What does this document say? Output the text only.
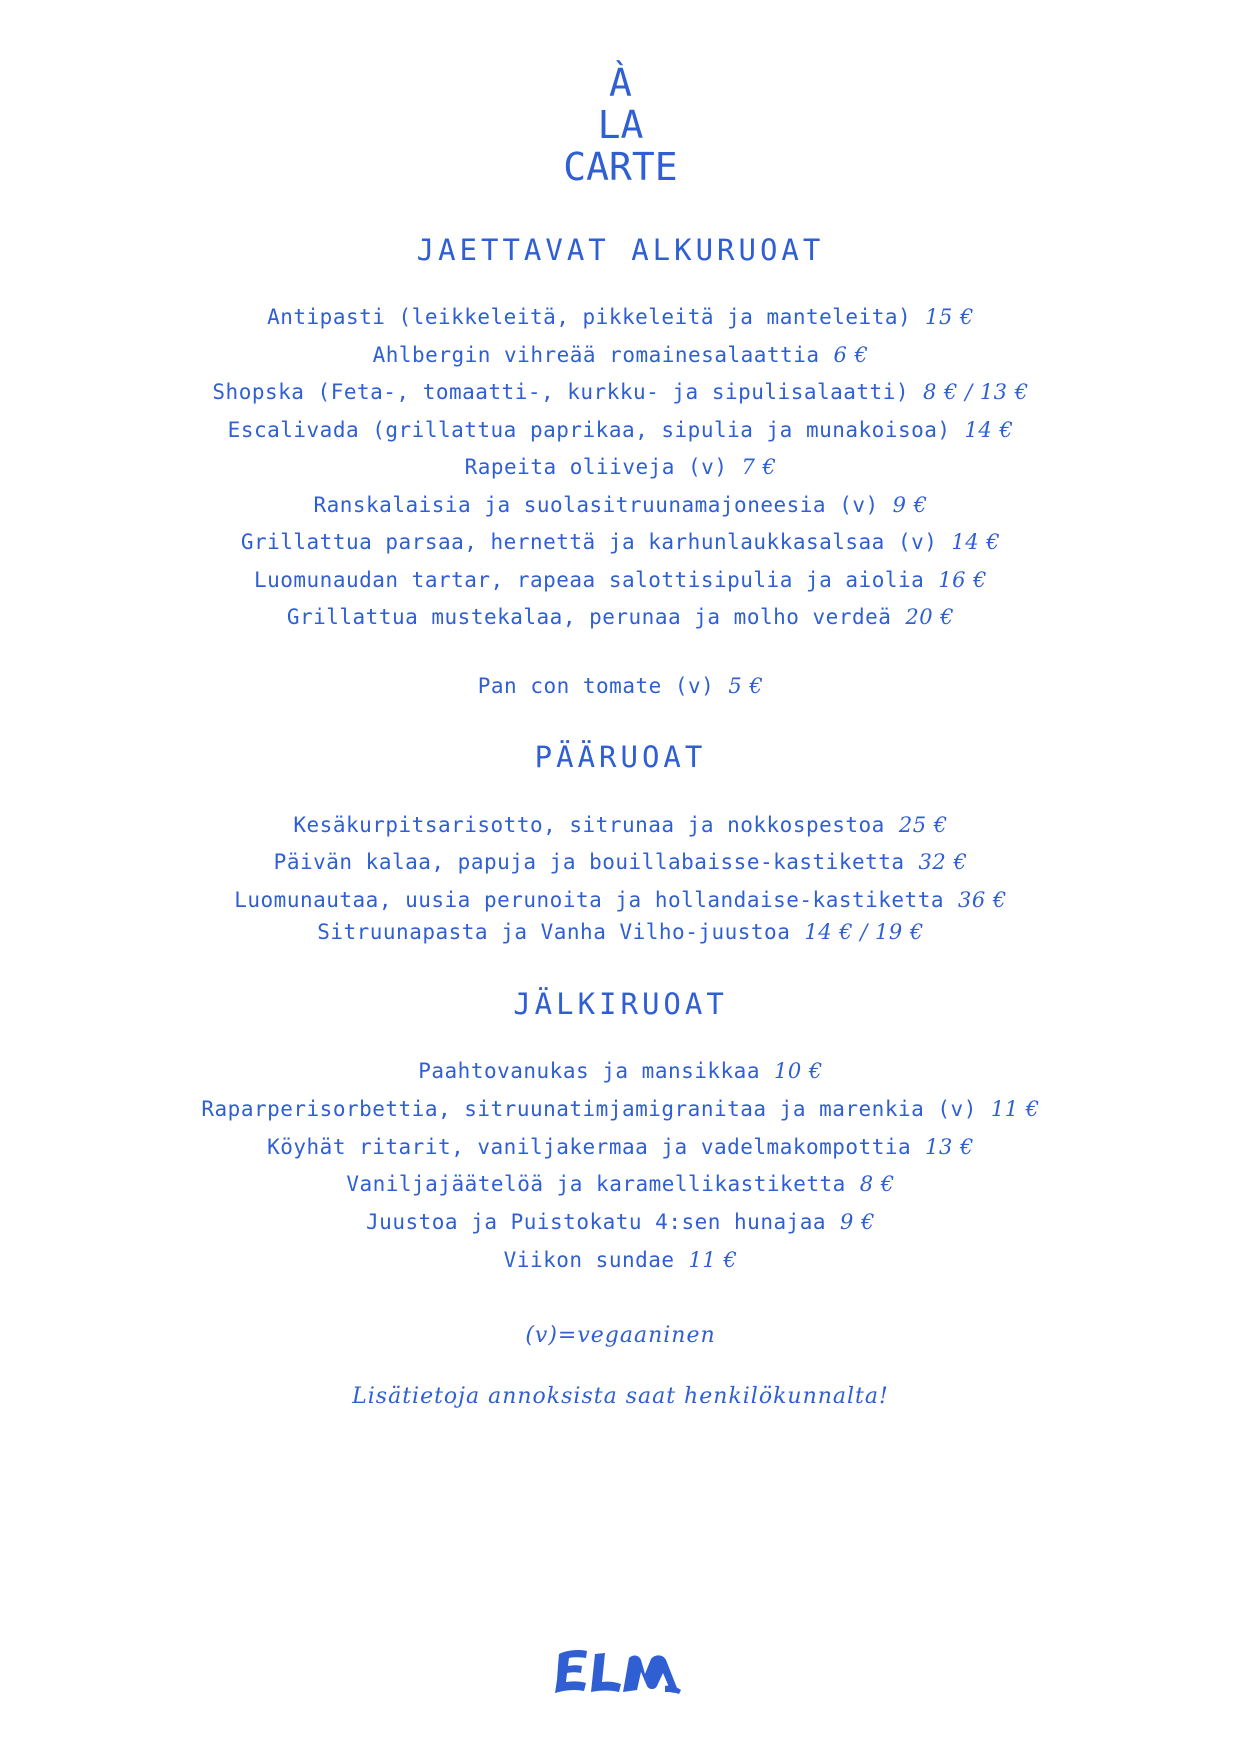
À
LA
CARTE
JAETTAVAT ALKURUOAT
Antipasti (leikkeleitä, pikkeleitä ja manteleita) 15 €
Ahlbergin vihreää romainesalaattia 6 €
Shopska (Feta-, tomaatti-, kurkku- ja sipulisalaatti) 8 € / 13 €
Escalivada (grillattua paprikaa, sipulia ja munakoisoa) 14 €
Rapeita oliiveja (v) 7 €
Ranskalaisia ja suolasitruunamajoneesia (v) 9 €
Grillattua parsaa, hernettä ja karhunlaukkasalsaa (v) 14 €
Luomunaudan tartar, rapeaa salottisipulia ja aiolia 16 €
Grillattua mustekalaa, perunaa ja molho verdeä 20 €
Pan con tomate (v) 5 €
PÄÄRUOAT
Kesäkurpitsarisotto, sitrunaa ja nokkospestoa 25 €
Päivän kalaa, papuja ja bouillabaisse-kastiketta 32 €
Luomunautaa, uusia perunoita ja hollandaise-kastiketta 36 €
Sitruunapasta ja Vanha Vilho-juustoa 14 € / 19 €
JÄLKIRUOAT
Paahtovanukas ja mansikkaa 10 €
Raparperisorbettia, sitruunatimjamigranitaa ja marenkia (v) 11 €
Köyhät ritarit, vaniljakermaa ja vadelmakompottia 13 €
Vaniljajäätelöä ja karamellikastiketta 8 €
Juustoa ja Puistokatu 4:sen hunajaa 9 €
Viikon sundae 11 €
(v)=vegaaninen
Lisätietoja annoksista saat henkilökunnalta!
